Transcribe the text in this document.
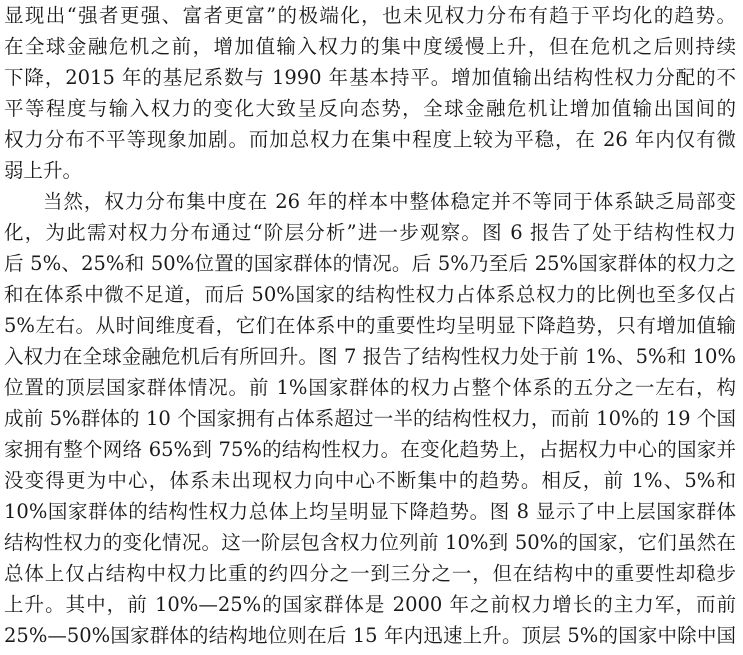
显现出“强者更强、富者更富”的极端化，也未见权力分布有趋于平均化的趋势。
在全球金融危机之前，增加值输入权力的集中度缓慢上升，但在危机之后则持续
下降，2015 年的基尼系数与 1990 年基本持平。增加值输出结构性权力分配的不
平等程度与输入权力的变化大致呈反向态势，全球金融危机让增加值输出国间的
权力分布不平等现象加剧。而加总权力在集中程度上较为平稳，在 26 年内仅有微
弱上升。
当然，权力分布集中度在 26 年的样本中整体稳定并不等同于体系缺乏局部变
化，为此需对权力分布通过“阶层分析”进一步观察。图 6 报告了处于结构性权力
后 5%、25%和 50%位置的国家群体的情况。后 5%乃至后 25%国家群体的权力之
和在体系中微不足道，而后 50%国家的结构性权力占体系总权力的比例也至多仅占
5%左右。从时间维度看，它们在体系中的重要性均呈明显下降趋势，只有增加值输
入权力在全球金融危机后有所回升。图 7 报告了结构性权力处于前 1%、5%和 10%
位置的顶层国家群体情况。前 1%国家群体的权力占整个体系的五分之一左右，构
成前 5%群体的 10 个国家拥有占体系超过一半的结构性权力，而前 10%的 19 个国
家拥有整个网络 65%到 75%的结构性权力。在变化趋势上，占据权力中心的国家并
没变得更为中心，体系未出现权力向中心不断集中的趋势。相反，前 1%、5%和
10%国家群体的结构性权力总体上均呈明显下降趋势。图 8 显示了中上层国家群体
结构性权力的变化情况。这一阶层包含权力位列前 10%到 50%的国家，它们虽然在
总体上仅占结构中权力比重的约四分之一到三分之一，但在结构中的重要性却稳步
上升。其中，前 10%—25%的国家群体是 2000 年之前权力增长的主力军，而前
25%—50%国家群体的结构地位则在后 15 年内迅速上升。顶层 5%的国家中除中国
